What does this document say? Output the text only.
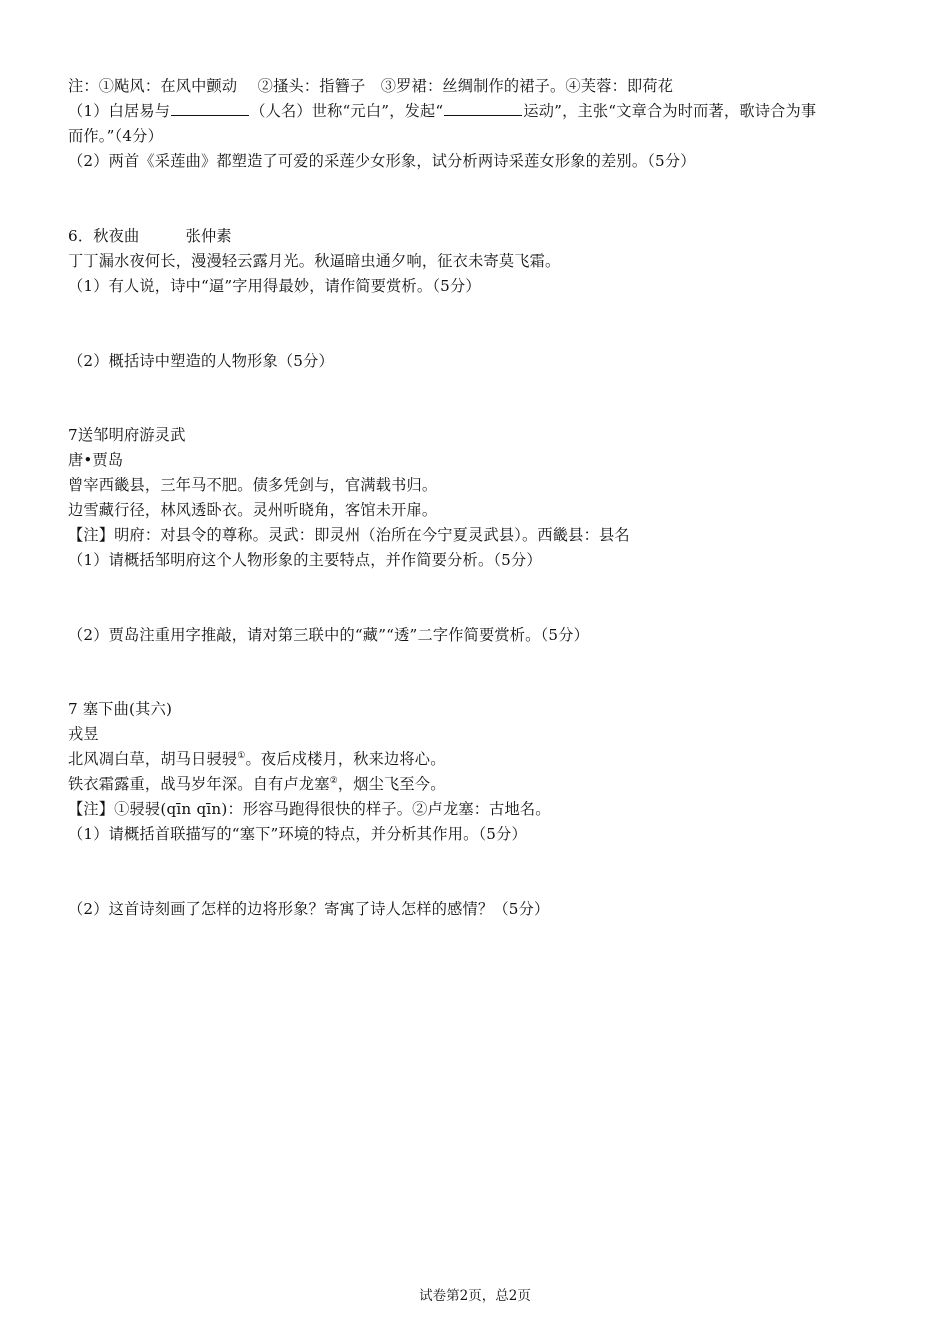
注：①飐风：在风中颤动　 ②搔头：指簪子　③罗裙：丝绸制作的裙子。④芙蓉：即荷花
（1）白居易与	（人名）世称“元白”，发起“	运动”，主张“文章合为时而著，歌诗合为事
而作。”（4分）
（2）两首《采莲曲》都塑造了可爱的采莲少女形象，试分析两诗采莲女形象的差别。（5分）
6．秋夜曲　　　张仲素
丁丁漏水夜何长，漫漫轻云露月光。秋逼暗虫通夕响，征衣未寄莫飞霜。
（1）有人说，诗中“逼”字用得最妙，请作简要赏析。（5分）
（2）概括诗中塑造的人物形象（5分）
7送邹明府游灵武
唐•贾岛
曾宰西畿县，三年马不肥。债多凭剑与，官满载书归。
边雪藏行径，林风透卧衣。灵州听晓角，客馆未开扉。
【注】明府：对县令的尊称。灵武：即灵州（治所在今宁夏灵武县）。西畿县：县名
（1）请概括邹明府这个人物形象的主要特点，并作简要分析。（5分）
（2）贾岛注重用字推敲，请对第三联中的“藏”“透”二字作简要赏析。（5分）
7 塞下曲(其六)
戎昱
北风凋白草，胡马日骎骎①。夜后戍楼月，秋来边将心。
铁衣霜露重，战马岁年深。自有卢龙塞②，烟尘飞至今。
【注】①骎骎(qīn qīn)：形容马跑得很快的样子。②卢龙塞：古地名。
（1）请概括首联描写的“塞下”环境的特点，并分析其作用。（5分）
（2）这首诗刻画了怎样的边将形象？寄寓了诗人怎样的感情？（5分）
试卷第2页，总2页
